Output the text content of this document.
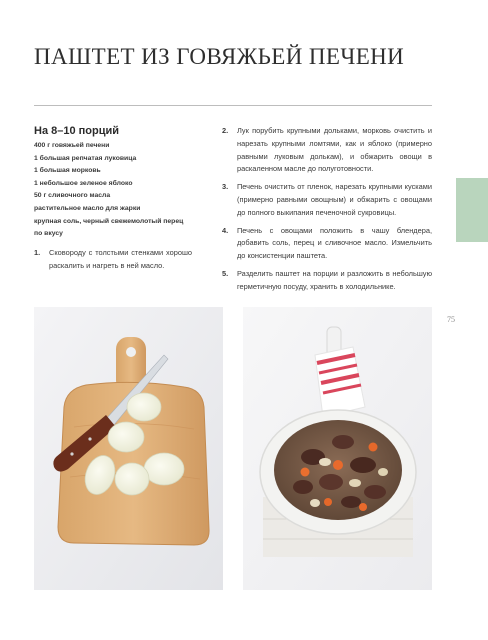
ПАШТЕТ ИЗ ГОВЯЖЬЕЙ ПЕЧЕНИ

На 8–10 порций

400 г говяжьей печени
1 большая репчатая луковица
1 большая морковь
1 небольшое зеленое яблоко
50 г сливочного масла
растительное масло для жарки
крупная соль, черный свежемолотый перец
по вкусу
1.	Сковороду с толстыми стенками хорошо раскалить и нагреть в ней масло.
2.	Лук порубить крупными дольками, морковь очистить и нарезать крупными ломтями, как и яблоко (примерно равными луковым долькам), и обжарить овощи в раскаленном масле до полуготовности.
3.	Печень очистить от пленок, нарезать крупными кусками (примерно равными овощным) и обжарить с овощами до полного выкипания печеночной сукровицы.
4.	Печень с овощами положить в чашу блендера, добавить соль, перец и сливочное масло. Измельчить до консистенции паштета.
5.	Разделить паштет на порции и разложить в небольшую герметичную посуду, хранить в холодильнике.
75
